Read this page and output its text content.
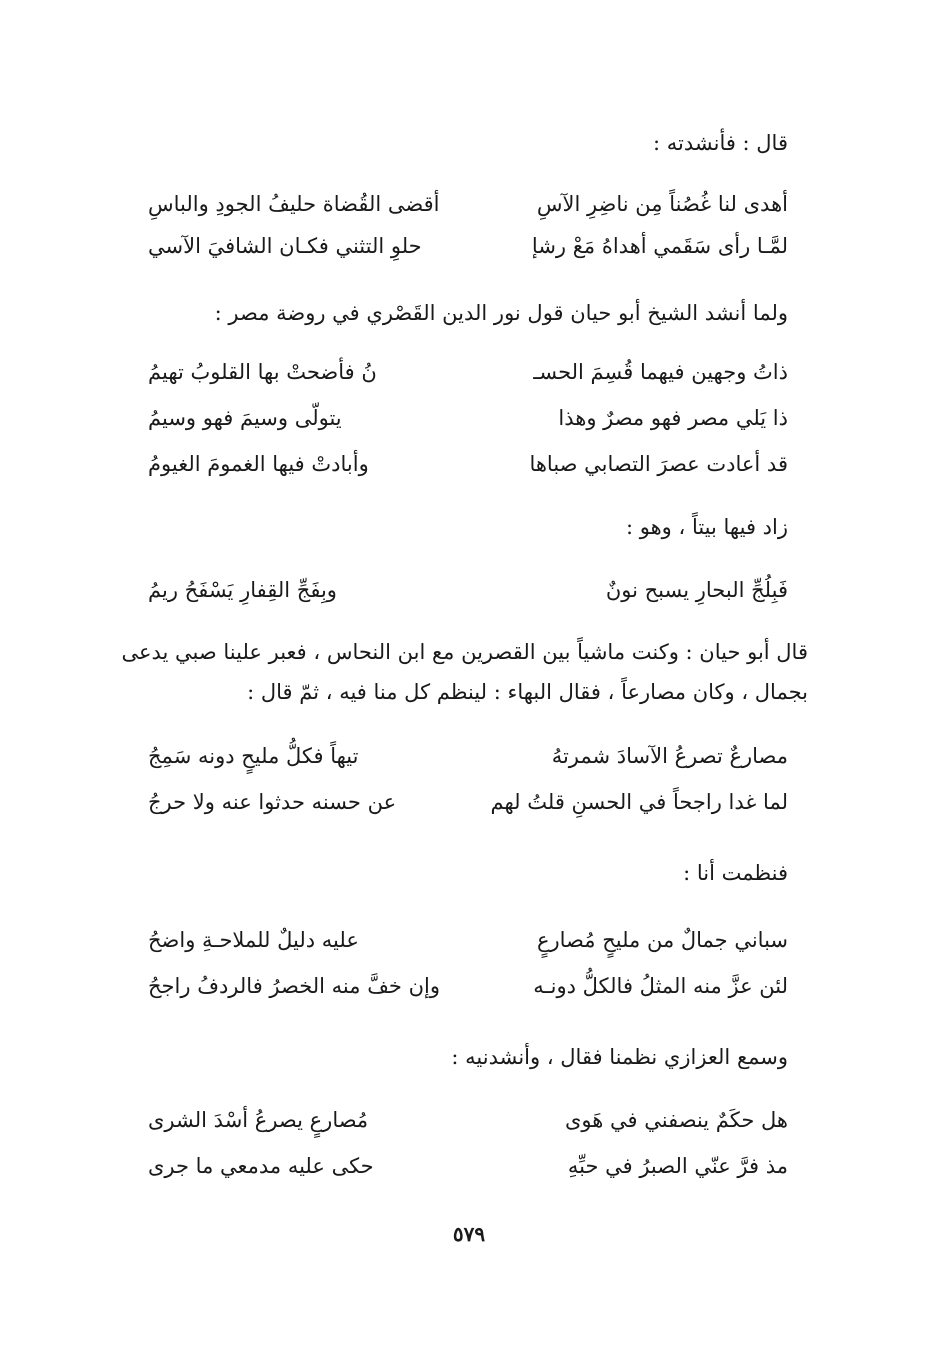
قال : فأنشدته :
أهدى لنا غُصُناً مِن ناضِرِ الآسِ
أقضى القُضاة حليفُ الجودِ والباسِ
لمَّـا رأى سَقَمي أهداهُ مَعْ رشإ
حلوِ التثني فكـان الشافيَ الآسي
ولما أنشد الشيخ أبو حيان قول نور الدين القَصْري في روضة مصر :
ذاتُ وجهين فيهما قُسِمَ الحسـ
نُ فأضحتْ بها القلوبُ تهيمُ
ذا يَلي مصر فهو مصرٌ وهذا
يتولّى وسيمَ فهو وسيمُ
قد أعادت عصرَ التصابي صباها
وأبادتْ فيها الغمومَ الغيومُ
زاد فيها بيتاً ، وهو :
فَبِلُجِّ البحارِ يسبح نونٌ
وبِفَجِّ القِفارِ يَسْفَحُ ريمُ
قال أبو حيان : وكنت ماشياً بين القصرين مع ابن النحاس ، فعبر علينا صبي يدعى بجمال ، وكان مصارعاً ، فقال البهاء : لينظم كل منا فيه ، ثمّ قال :
مصارعٌ تصرعُ الآسادَ شمرتهُ
تيهاً فكلُّ مليحٍ دونه سَمِجُ
لما غدا راجحاً في الحسنِ قلتُ لهم
عن حسنه حدثوا عنه ولا حرجُ
فنظمت أنا :
سباني جمالٌ من مليحٍ مُصارعٍ
عليه دليلٌ للملاحـةِ واضحُ
لئن عزَّ منه المثلُ فالكلُّ دونـه
وإن خفَّ منه الخصرُ فالردفُ راجحُ
وسمع العزازي نظمنا فقال ، وأنشدنيه :
هل حكَمٌ ينصفني في هَوى
مُصارعٍ يصرعُ أسْدَ الشرى
مذ فرَّ عنّي الصبرُ في حبِّهِ
حكى عليه مدمعي ما جرى
٥٧٩
